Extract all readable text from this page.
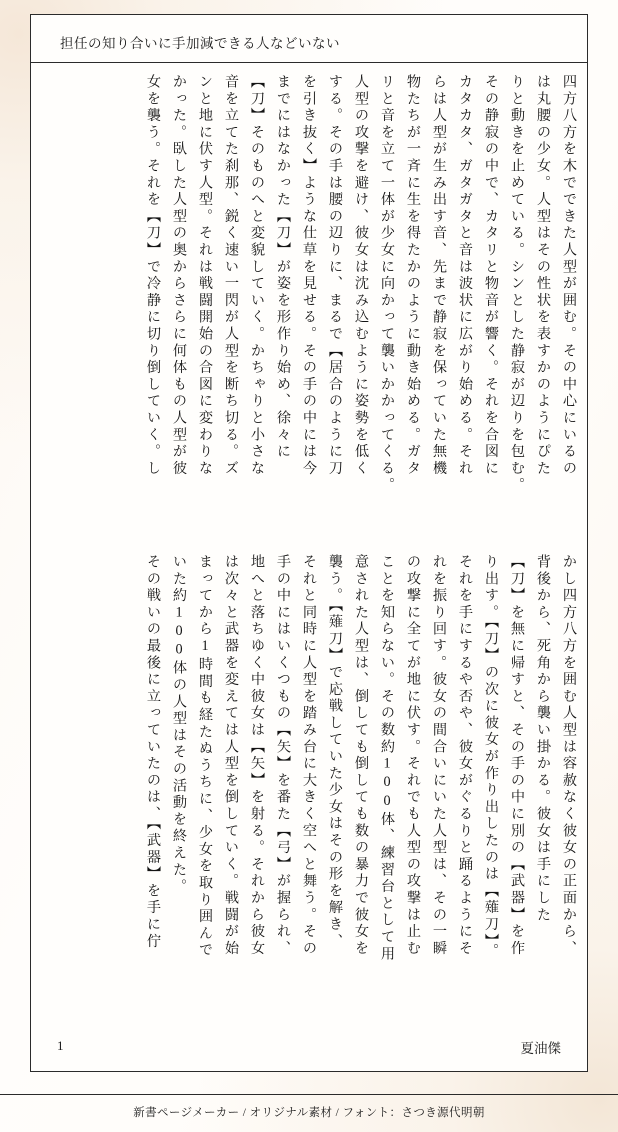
担任の知り合いに手加減できる人などいない
四方八方を木でできた人型が囲む。その中心にいるの
は丸腰の少女。人型はその性状を表すかのようにぴた
りと動きを止めている。シンとした静寂が辺りを包む。
その静寂の中で、カタリと物音が響く。それを合図に
カタカタ、ガタガタと音は波状に広がり始める。それ
らは人型が生み出す音、先まで静寂を保っていた無機
物たちが一斉に生を得たかのように動き始める。ガタ
リと音を立て一体が少女に向かって襲いかかってくる。
人型の攻撃を避け、彼女は沈み込むように姿勢を低く
する。その手は腰の辺りに、まるで【居合のように刀
を引き抜く】ような仕草を見せる。その手の中には今
までにはなかった【刀】が姿を形作り始め、徐々に
【刀】そのものへと変貌していく。かちゃりと小さな
音を立てた刹那、鋭く速い一閃が人型を断ち切る。ズ
ンと地に伏す人型。それは戦闘開始の合図に変わりな
かった。臥した人型の奥からさらに何体もの人型が彼
女を襲う。それを【刀】で冷静に切り倒していく。し
かし四方八方を囲む人型は容赦なく彼女の正面から、
背後から、死角から襲い掛かる。彼女は手にした
【刀】を無に帰すと、その手の中に別の【武器】を作
り出す。【刀】の次に彼女が作り出したのは【薙刀】。
それを手にするや否や、彼女がぐるりと踊るようにそ
れを振り回す。彼女の間合いにいた人型は、その一瞬
の攻撃に全てが地に伏す。それでも人型の攻撃は止む
ことを知らない。その数約100体、練習台として用
意された人型は、倒しても倒しても数の暴力で彼女を
襲う。【薙刀】で応戦していた少女はその形を解き、
それと同時に人型を踏み台に大きく空へと舞う。その
手の中にはいくつもの【矢】を番た【弓】が握られ、
地へと落ちゆく中彼女は【矢】を射る。それから彼女
は次々と武器を変えては人型を倒していく。戦闘が始
まってから1時間も経たぬうちに、少女を取り囲んで
いた約100体の人型はその活動を終えた。
その戦いの最後に立っていたのは、【武器】を手に佇
1	夏油傑
新書ページメーカー / オリジナル素材 / フォント：さつき源代明朝
